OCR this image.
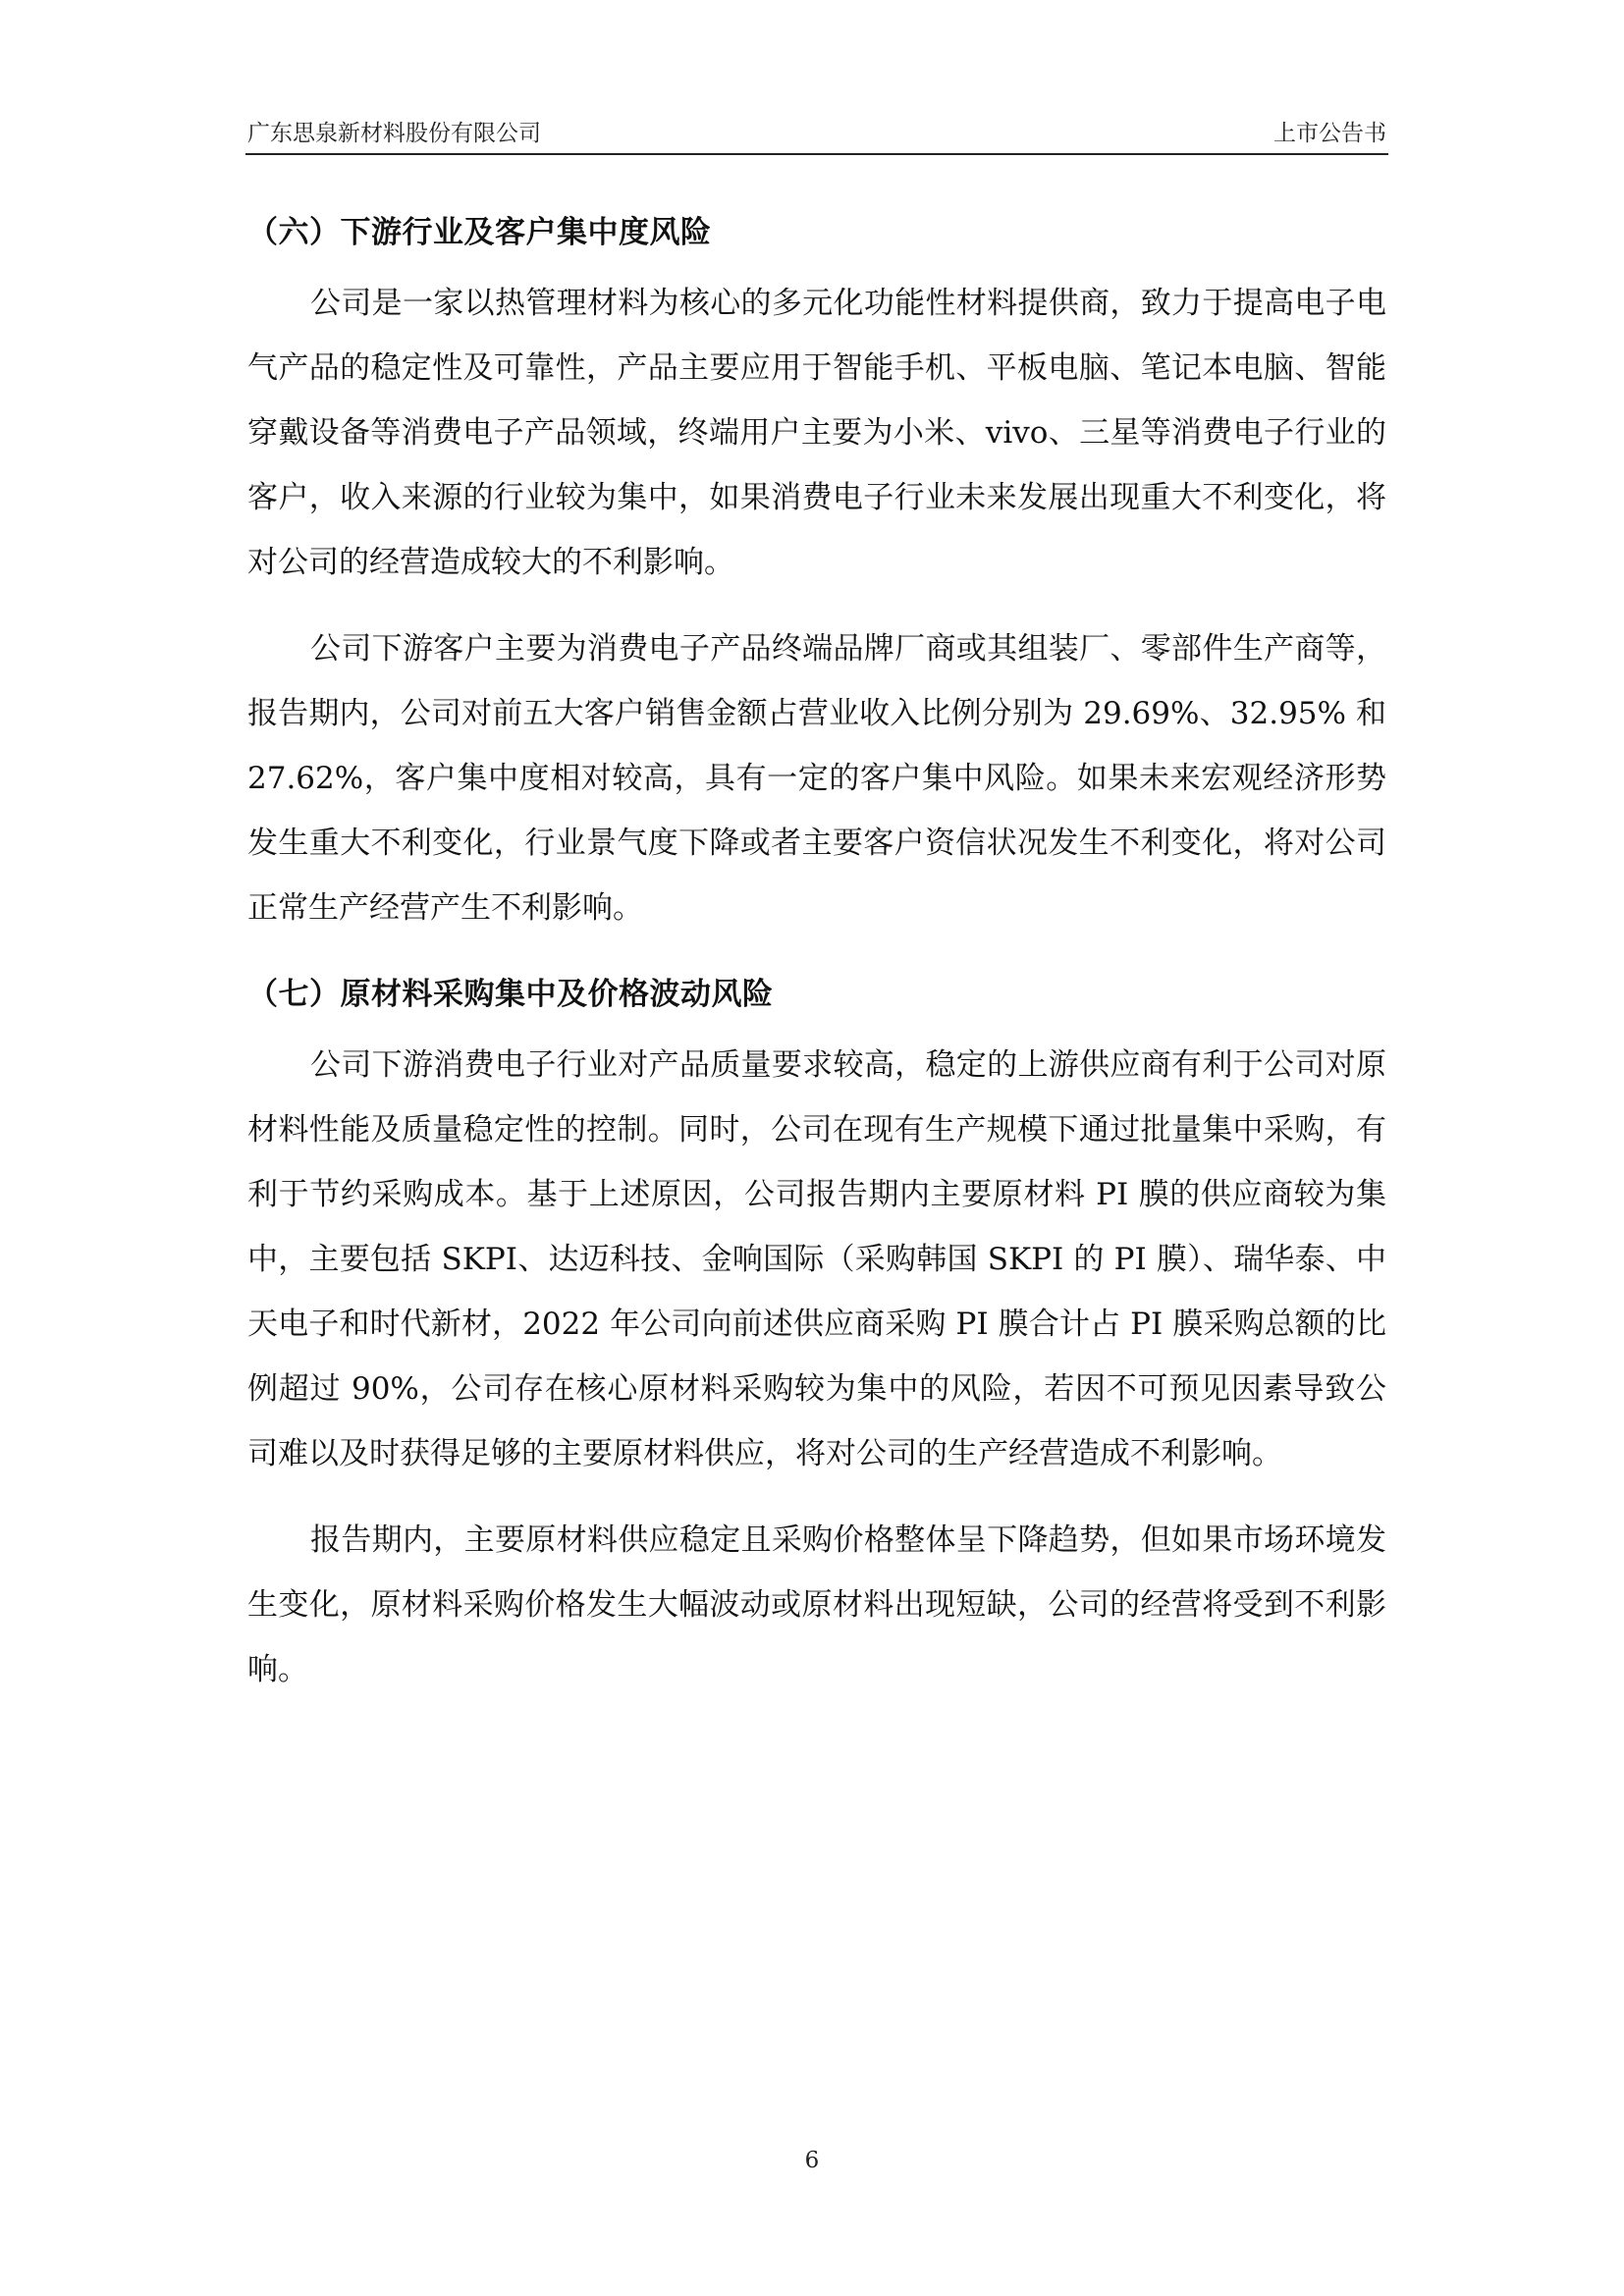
广东思泉新材料股份有限公司	上市公告书
（六）下游行业及客户集中度风险

公司是一家以热管理材料为核心的多元化功能性材料提供商，致力于提高电子电气产品的稳定性及可靠性，产品主要应用于智能手机、平板电脑、笔记本电脑、智能穿戴设备等消费电子产品领域，终端用户主要为小米、vivo、三星等消费电子行业的客户，收入来源的行业较为集中，如果消费电子行业未来发展出现重大不利变化，将对公司的经营造成较大的不利影响。

公司下游客户主要为消费电子产品终端品牌厂商或其组装厂、零部件生产商等，报告期内，公司对前五大客户销售金额占营业收入比例分别为 29.69%、32.95% 和 27.62%，客户集中度相对较高，具有一定的客户集中风险。如果未来宏观经济形势发生重大不利变化，行业景气度下降或者主要客户资信状况发生不利变化，将对公司正常生产经营产生不利影响。

（七）原材料采购集中及价格波动风险

公司下游消费电子行业对产品质量要求较高，稳定的上游供应商有利于公司对原材料性能及质量稳定性的控制。同时，公司在现有生产规模下通过批量集中采购，有利于节约采购成本。基于上述原因，公司报告期内主要原材料 PI 膜的供应商较为集中，主要包括 SKPI、达迈科技、金响国际（采购韩国 SKPI 的 PI 膜）、瑞华泰、中天电子和时代新材，2022 年公司向前述供应商采购 PI 膜合计占 PI 膜采购总额的比例超过 90%，公司存在核心原材料采购较为集中的风险，若因不可预见因素导致公司难以及时获得足够的主要原材料供应，将对公司的生产经营造成不利影响。

报告期内，主要原材料供应稳定且采购价格整体呈下降趋势，但如果市场环境发生变化，原材料采购价格发生大幅波动或原材料出现短缺，公司的经营将受到不利影响。

6
